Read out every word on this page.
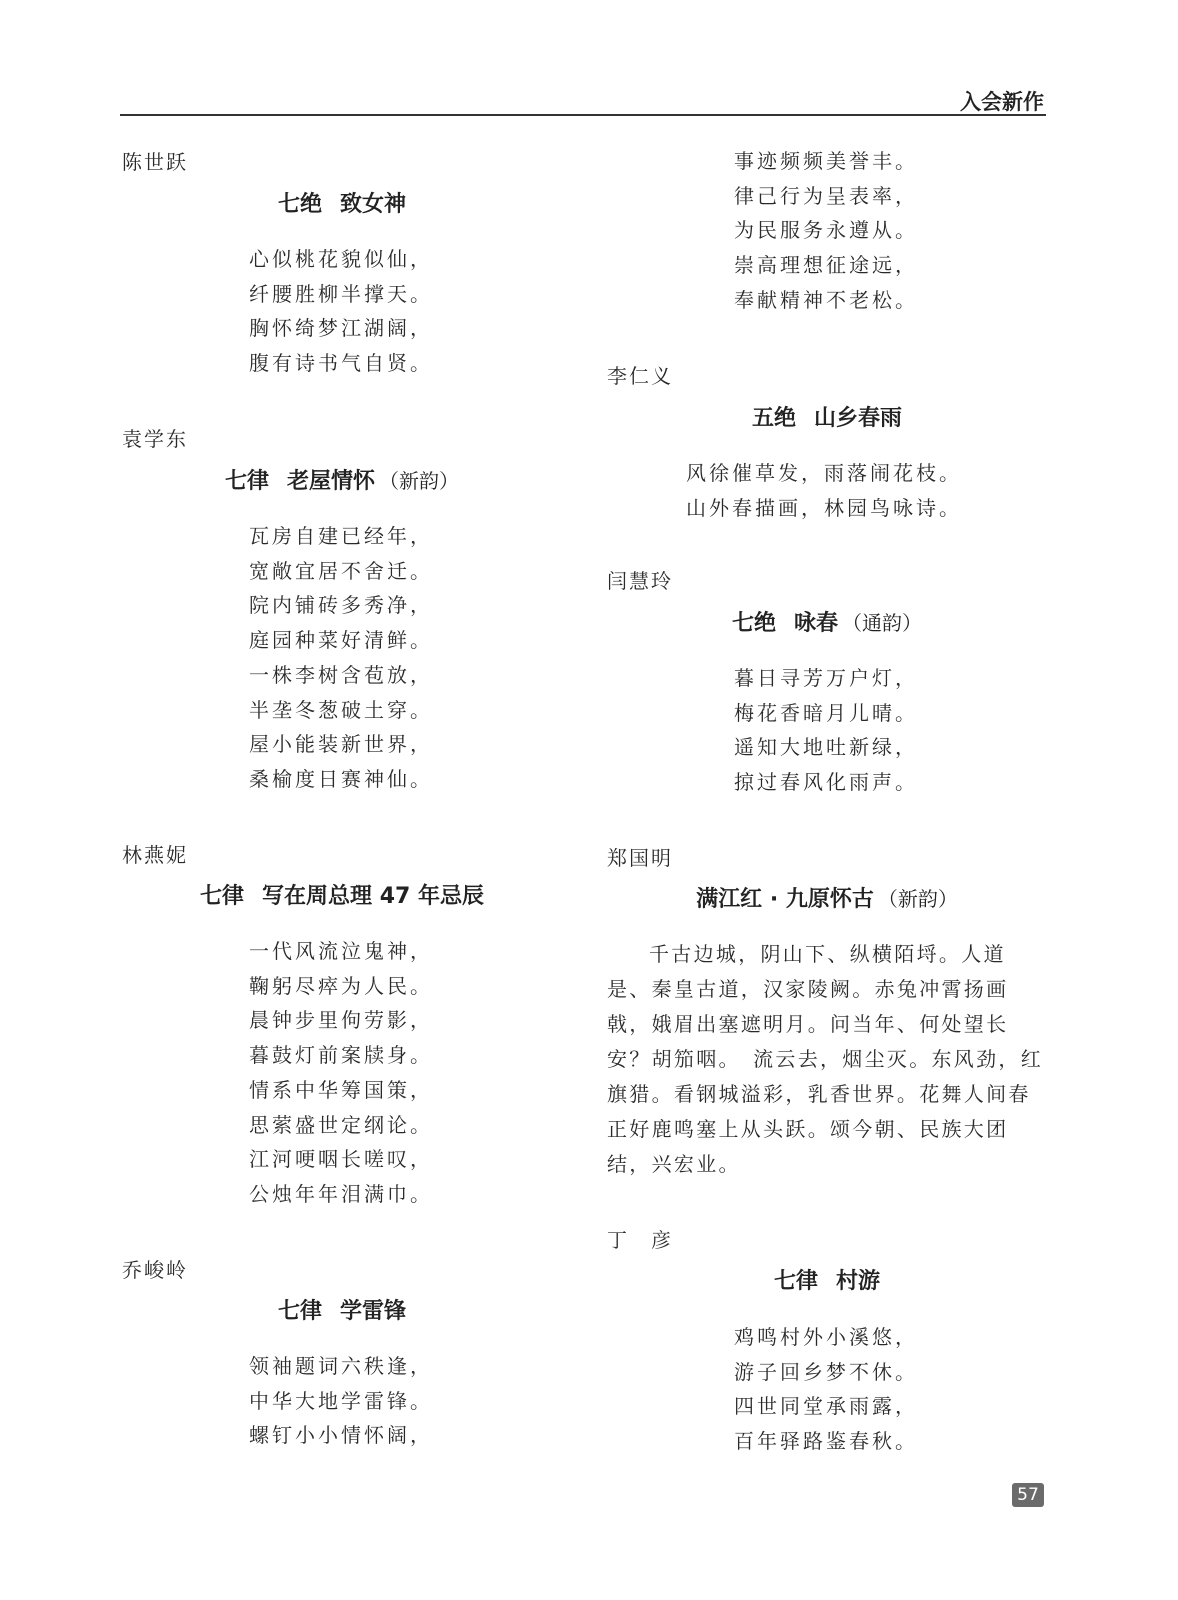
入会新作
陈世跃
七绝 致女神
心似桃花貌似仙，
纤腰胜柳半撑天。
胸怀绮梦江湖阔，
腹有诗书气自贤。
袁学东
七律 老屋情怀 （新韵）
瓦房自建已经年，
宽敞宜居不舍迁。
院内铺砖多秀净，
庭园种菜好清鲜。
一株李树含苞放，
半垄冬葱破土穿。
屋小能装新世界，
桑榆度日赛神仙。
林燕妮
七律 写在周总理 47 年忌辰
一代风流泣鬼神，
鞠躬尽瘁为人民。
晨钟步里佝劳影，
暮鼓灯前案牍身。
情系中华筹国策，
思萦盛世定纲论。
江河哽咽长嗟叹，
公烛年年泪满巾。
乔峻岭
七律 学雷锋
领袖题词六秩逢，
中华大地学雷锋。
螺钉小小情怀阔，
事迹频频美誉丰。
律己行为呈表率，
为民服务永遵从。
崇高理想征途远，
奉献精神不老松。
李仁义
五绝 山乡春雨
风徐催草发，雨落闹花枝。
山外春描画，林园鸟咏诗。
闫慧玲
七绝 咏春 （通韵）
暮日寻芳万户灯，
梅花香暗月儿晴。
遥知大地吐新绿，
掠过春风化雨声。
郑国明
满江红 · 九原怀古 （新韵）

千古边城，阴山下、纵横陌埒。人道是、秦皇古道，汉家陵阙。赤兔冲霄扬画戟，娥眉出塞遮明月。问当年、何处望长安？胡笳咽。　流云去，烟尘灭。东风劲，红旗猎。看钢城溢彩，乳香世界。花舞人间春正好鹿鸣塞上从头跃。颂今朝、民族大团结，兴宏业。

丁　彦
七律 村游
鸡鸣村外小溪悠，
游子回乡梦不休。
四世同堂承雨露，
百年驿路鉴春秋。
57
